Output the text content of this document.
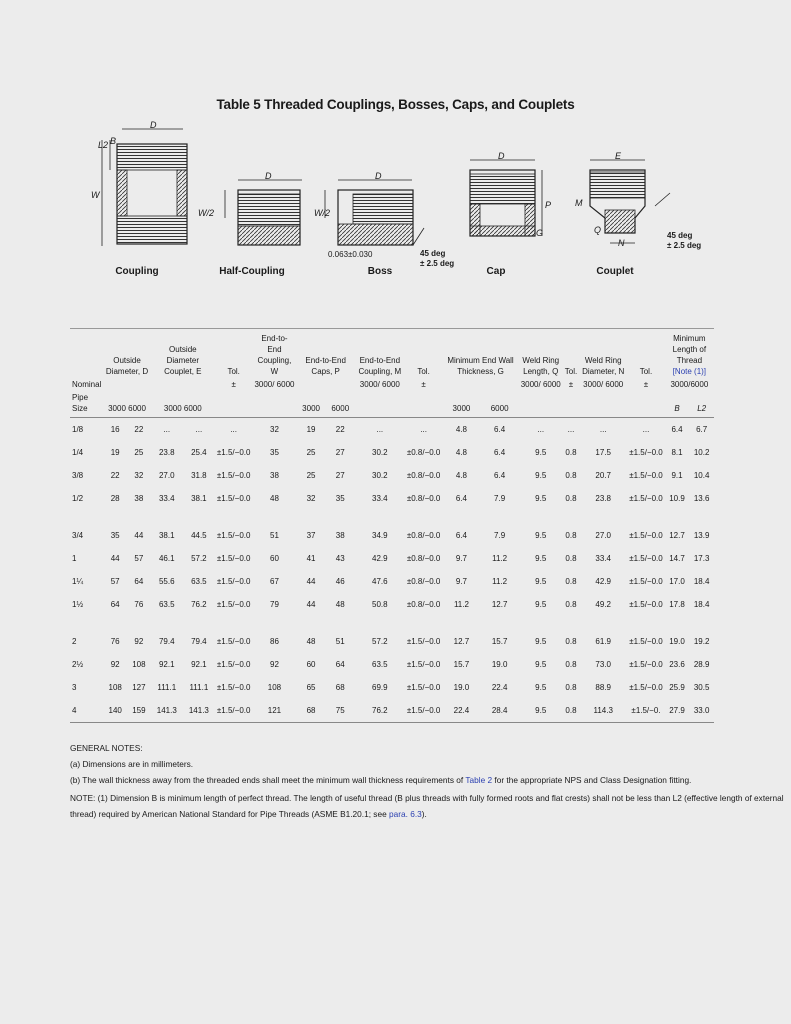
Table 5 Threaded Couplings, Bosses, Caps, and Couplets
D
W
L2 B
D
W/2
D
W/2
D
P
G
E
M
Q
N
0.063±0.030	45 deg
± 2.5 deg
45 deg
± 2.5 deg
Coupling	Half-Coupling	Boss	Cap	Couplet
Nominal	Outside Diameter, D		Outside Diameter Couplet, E		Tol.	End-to- End Coupling, W	End-to-End Caps, P		End-to-End Coupling, M	Tol.	Minimum End Wall Thickness, G		Weld Ring Length, Q	Tol.	Weld Ring Diameter, N	Tol.	Minimum Length of Thread [Note (1)]	
					±	3000/ 6000			3000/ 6000	±			3000/ 6000	±	3000/ 6000	±	3000/6000	
Pipe
Size	3000 6000		3000 6000				3000	6000			3000	6000					B	L2
1/8	16	22	...	...	...	32	19	22	...	...	4.8	6.4	...	...	...	...	6.4	6.7
1/4	19	25	23.8	25.4	±1.5/−0.0	35	25	27	30.2	±0.8/−0.0	4.8	6.4	9.5	0.8	17.5	±1.5/−0.0	8.1	10.2
3/8	22	32	27.0	31.8	±1.5/−0.0	38	25	27	30.2	±0.8/−0.0	4.8	6.4	9.5	0.8	20.7	±1.5/−0.0	9.1	10.4
1/2	28	38	33.4	38.1	±1.5/−0.0	48	32	35	33.4	±0.8/−0.0	6.4	7.9	9.5	0.8	23.8	±1.5/−0.0	10.9	13.6

3/4	35	44	38.1	44.5	±1.5/−0.0	51	37	38	34.9	±0.8/−0.0	6.4	7.9	9.5	0.8	27.0	±1.5/−0.0	12.7	13.9
1	44	57	46.1	57.2	±1.5/−0.0	60	41	43	42.9	±0.8/−0.0	9.7	11.2	9.5	0.8	33.4	±1.5/−0.0	14.7	17.3
1¼	57	64	55.6	63.5	±1.5/−0.0	67	44	46	47.6	±0.8/−0.0	9.7	11.2	9.5	0.8	42.9	±1.5/−0.0	17.0	18.4
1½	64	76	63.5	76.2	±1.5/−0.0	79	44	48	50.8	±0.8/−0.0	11.2	12.7	9.5	0.8	49.2	±1.5/−0.0	17.8	18.4

2	76	92	79.4	79.4	±1.5/−0.0	86	48	51	57.2	±1.5/−0.0	12.7	15.7	9.5	0.8	61.9	±1.5/−0.0	19.0	19.2
2½	92	108	92.1	92.1	±1.5/−0.0	92	60	64	63.5	±1.5/−0.0	15.7	19.0	9.5	0.8	73.0	±1.5/−0.0	23.6	28.9
3	108	127	111.1	111.1	±1.5/−0.0	108	65	68	69.9	±1.5/−0.0	19.0	22.4	9.5	0.8	88.9	±1.5/−0.0	25.9	30.5
4	140	159	141.3	141.3	±1.5/−0.0	121	68	75	76.2	±1.5/−0.0	22.4	28.4	9.5	0.8	114.3	±1.5/−0.	27.9	33.0
GENERAL NOTES:
(a) Dimensions are in millimeters.
(b) The wall thickness away from the threaded ends shall meet the minimum wall thickness requirements of Table 2 for the appropriate NPS and Class Designation fitting.
NOTE: (1) Dimension B is minimum length of perfect thread. The length of useful thread (B plus threads with fully formed roots and flat crests) shall not be less than L2 (effective length of external
thread) required by American National Standard for Pipe Threads (ASME B1.20.1; see para. 6.3).
